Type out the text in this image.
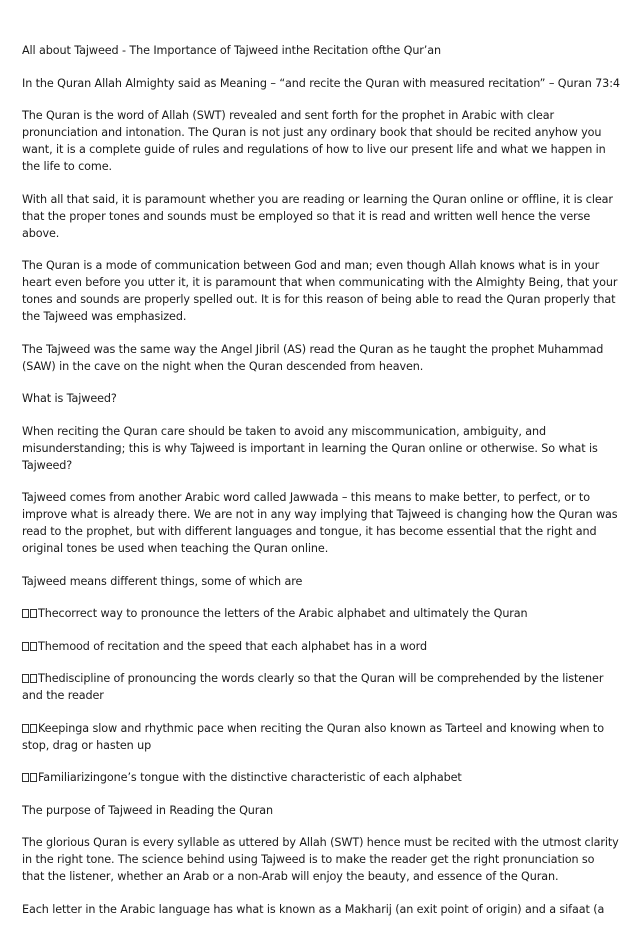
All about Tajweed - The Importance of Tajweed inthe Recitation ofthe Qur’an

In the Quran Allah Almighty said as Meaning – “and recite the Quran with measured recitation” – Quran 73:4

The Quran is the word of Allah (SWT) revealed and sent forth for the prophet in Arabic with clear pronunciation and intonation. The Quran is not just any ordinary book that should be recited anyhow you want, it is a complete guide of rules and regulations of how to live our present life and what we happen in the life to come.

With all that said, it is paramount whether you are reading or learning the Quran online or offline, it is clear that the proper tones and sounds must be employed so that it is read and written well hence the verse above.

The Quran is a mode of communication between God and man; even though Allah knows what is in your heart even before you utter it, it is paramount that when communicating with the Almighty Being, that your tones and sounds are properly spelled out. It is for this reason of being able to read the Quran properly that the Tajweed was emphasized.

The Tajweed was the same way the Angel Jibril (AS) read the Quran as he taught the prophet Muhammad (SAW) in the cave on the night when the Quran descended from heaven.

What is Tajweed?

When reciting the Quran care should be taken to avoid any miscommunication, ambiguity, and misunderstanding; this is why Tajweed is important in learning the Quran online or otherwise. So what is Tajweed?

Tajweed comes from another Arabic word called Jawwada – this means to make better, to perfect, or to improve what is already there. We are not in any way implying that Tajweed is changing how the Quran was read to the prophet, but with different languages and tongue, it has become essential that the right and original tones be used when teaching the Quran online.

Tajweed means different things, some of which are

Thecorrect way to pronounce the letters of the Arabic alphabet and ultimately the Quran

Themood of recitation and the speed that each alphabet has in a word

Thediscipline of pronouncing the words clearly so that the Quran will be comprehended by the listener and the reader

Keepinga slow and rhythmic pace when reciting the Quran also known as Tarteel and knowing when to stop, drag or hasten up

Familiarizingone’s tongue with the distinctive characteristic of each alphabet

The purpose of Tajweed in Reading the Quran

The glorious Quran is every syllable as uttered by Allah (SWT) hence must be recited with the utmost clarity in the right tone. The science behind using Tajweed is to make the reader get the right pronunciation so that the listener, whether an Arab or a non-Arab will enjoy the beauty, and essence of the Quran.

Each letter in the Arabic language has what is known as a Makharij (an exit point of origin) and a sifaat (a
